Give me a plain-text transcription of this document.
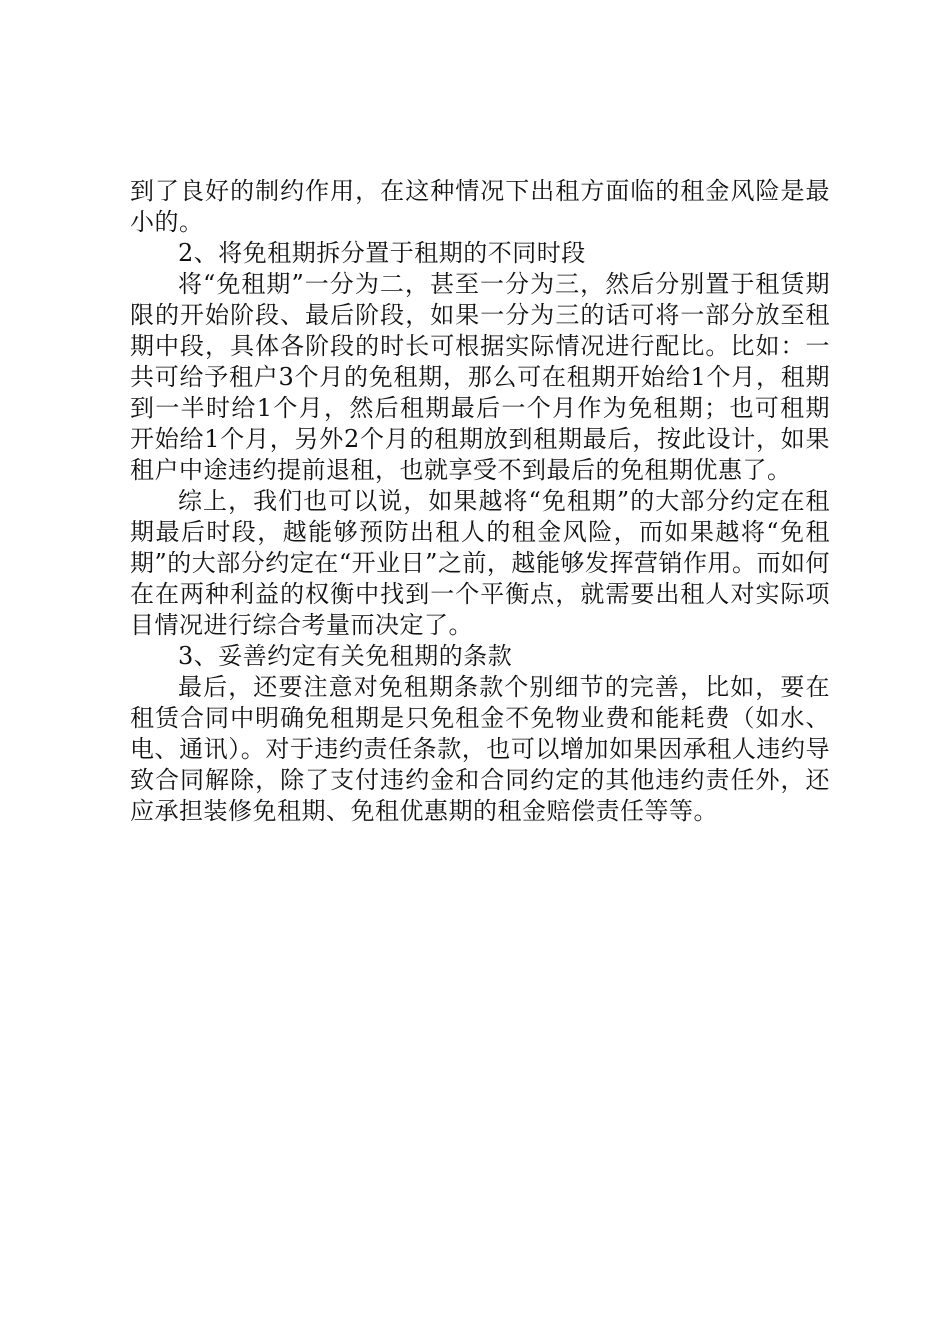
到了良好的制约作用，在这种情况下出租方面临的租金风险是最小的。

2、将免租期拆分置于租期的不同时段

将“免租期”一分为二，甚至一分为三，然后分别置于租赁期限的开始阶段、最后阶段，如果一分为三的话可将一部分放至租期中段，具体各阶段的时长可根据实际情况进行配比。比如：一共可给予租户3个月的免租期，那么可在租期开始给1个月，租期到一半时给1个月，然后租期最后一个月作为免租期；也可租期开始给1个月，另外2个月的租期放到租期最后，按此设计，如果租户中途违约提前退租，也就享受不到最后的免租期优惠了。

综上，我们也可以说，如果越将“免租期”的大部分约定在租期最后时段，越能够预防出租人的租金风险，而如果越将“免租期”的大部分约定在“开业日”之前，越能够发挥营销作用。而如何在在两种利益的权衡中找到一个平衡点，就需要出租人对实际项目情况进行综合考量而决定了。

3、妥善约定有关免租期的条款

最后，还要注意对免租期条款个别细节的完善，比如，要在租赁合同中明确免租期是只免租金不免物业费和能耗费（如水、电、通讯）。对于违约责任条款，也可以增加如果因承租人违约导致合同解除，除了支付违约金和合同约定的其他违约责任外，还应承担装修免租期、免租优惠期的租金赔偿责任等等。
